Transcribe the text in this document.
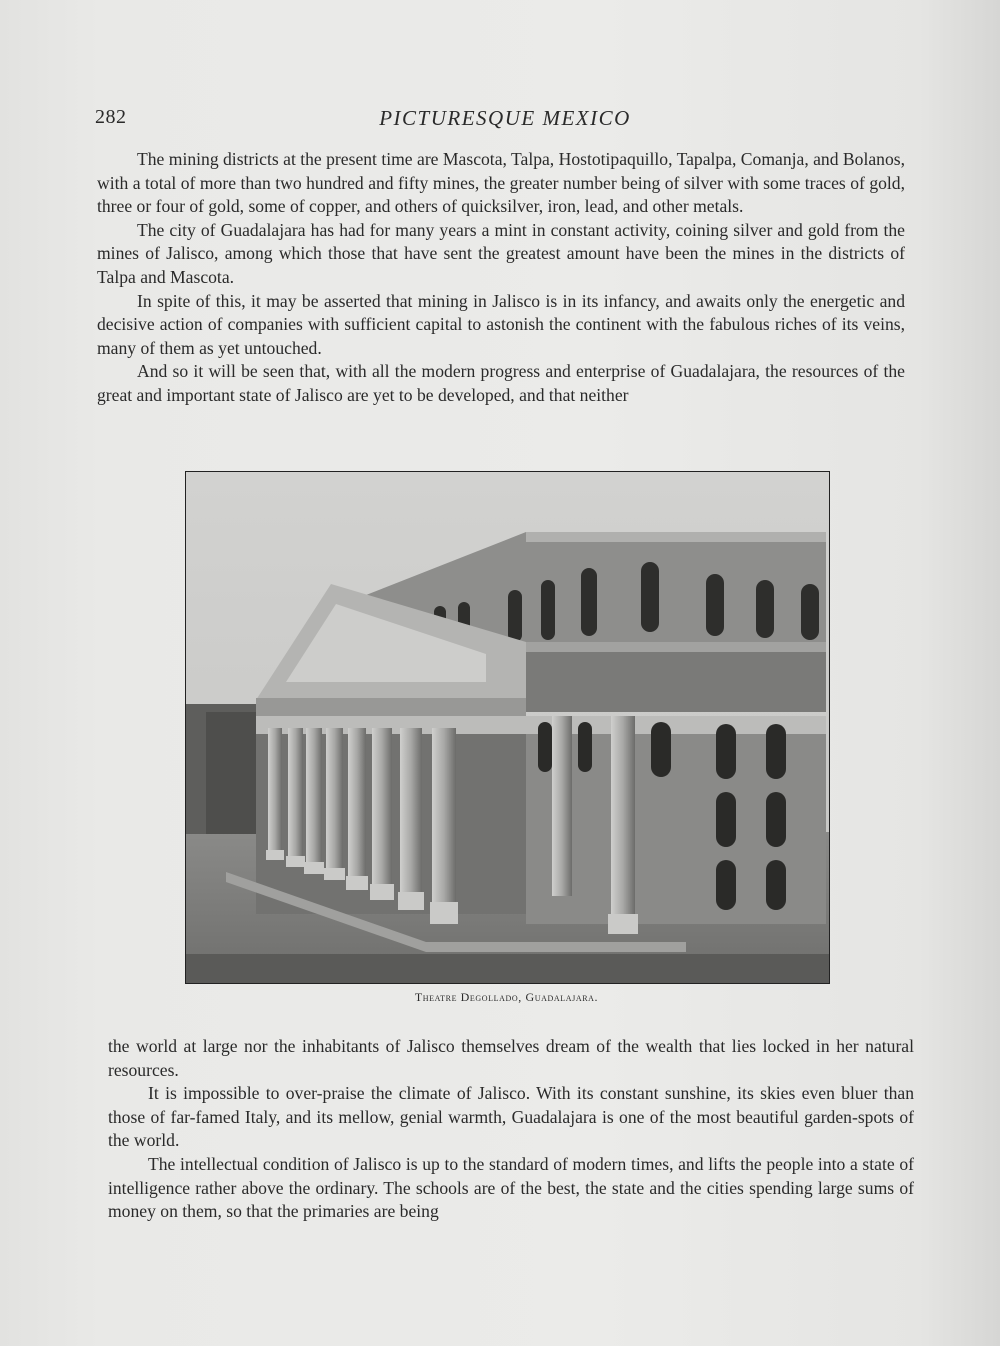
282	PICTURESQUE MEXICO

The mining districts at the present time are Mascota, Talpa, Hostotipaquillo, Tapalpa, Comanja, and Bolanos, with a total of more than two hundred and fifty mines, the greater number being of silver with some traces of gold, three or four of gold, some of copper, and others of quicksilver, iron, lead, and other metals.

The city of Guadalajara has had for many years a mint in constant activity, coining silver and gold from the mines of Jalisco, among which those that have sent the greatest amount have been the mines in the districts of Talpa and Mascota.

In spite of this, it may be asserted that mining in Jalisco is in its infancy, and awaits only the energetic and decisive action of companies with sufficient capital to astonish the continent with the fabulous riches of its veins, many of them as yet untouched.

And so it will be seen that, with all the modern progress and enterprise of Guadalajara, the resources of the great and important state of Jalisco are yet to be developed, and that neither

Theatre Degollado, Guadalajara.

the world at large nor the inhabitants of Jalisco themselves dream of the wealth that lies locked in her natural resources.

It is impossible to over-praise the climate of Jalisco. With its constant sunshine, its skies even bluer than those of far-famed Italy, and its mellow, genial warmth, Guadalajara is one of the most beautiful garden-spots of the world.

The intellectual condition of Jalisco is up to the standard of modern times, and lifts the people into a state of intelligence rather above the ordinary. The schools are of the best, the state and the cities spending large sums of money on them, so that the primaries are being
